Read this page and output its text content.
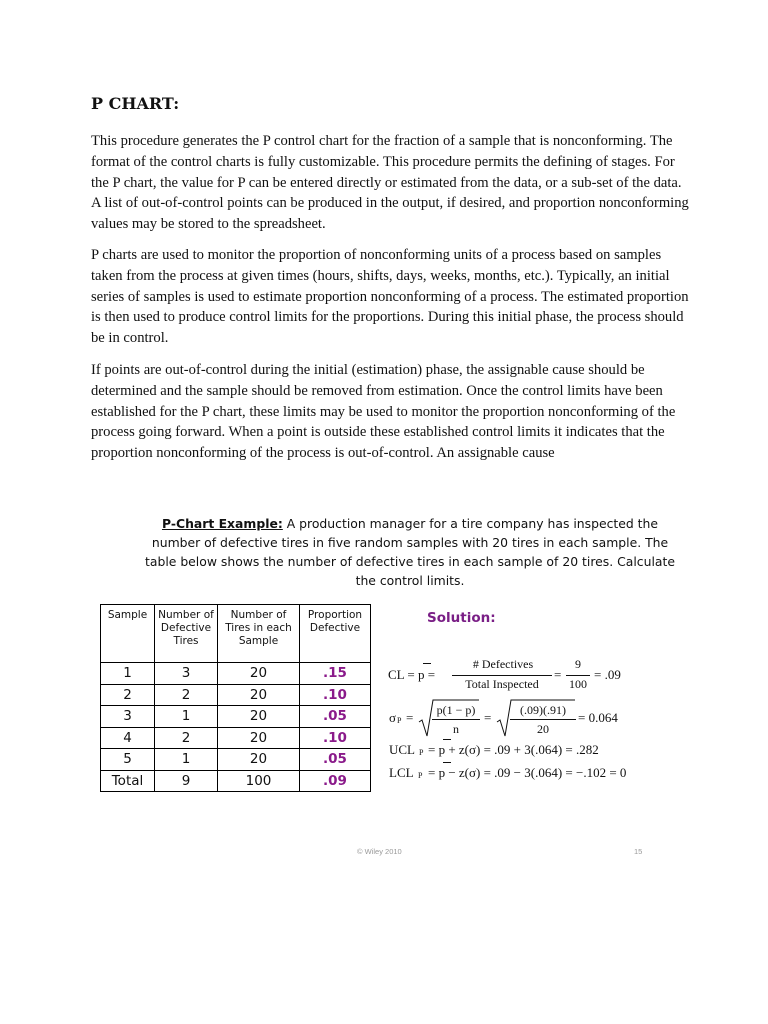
P CHART:

This procedure generates the P control chart for the fraction of a sample that is nonconforming. The format of the control charts is fully customizable. This procedure permits the defining of stages. For the P chart, the value for P can be entered directly or estimated from the data, or a sub-set of the data. A list of out-of-control points can be produced in the output, if desired, and proportion nonconforming values may be stored to the spreadsheet.

P charts are used to monitor the proportion of nonconforming units of a process based on samples taken from the process at given times (hours, shifts, days, weeks, months, etc.). Typically, an initial series of samples is used to estimate proportion nonconforming of a process. The estimated proportion is then used to produce control limits for the proportions. During this initial phase, the process should be in control.

If points are out-of-control during the initial (estimation) phase, the assignable cause should be determined and the sample should be removed from estimation. Once the control limits have been established for the P chart, these limits may be used to monitor the proportion nonconforming of the process going forward. When a point is outside these established control limits it indicates that the proportion nonconforming of the process is out-of-control. An assignable cause

P-Chart Example: A production manager for a tire company has inspected the number of defective tires in five random samples with 20 tires in each sample. The table below shows the number of defective tires in each sample of 20 tires. Calculate the control limits.
Sample	Number of Defective Tires	Number of Tires in each Sample	Proportion Defective
1	3	20	.15
2	2	20	.10
3	1	20	.05
4	2	20	.10
5	1	20	.05
Total	9	100	.09
Solution:
CL = p =
# Defectives
Total Inspected
=
9
100
= .09
σ P =	p(1 − p)
n
=	(.09)(.91)
20
= 0.064
UCL P = p + z(σ) = .09 + 3(.064) = .282
LCL P = p − z(σ) = .09 − 3(.064) = −.102 = 0
© Wiley 2010	15
